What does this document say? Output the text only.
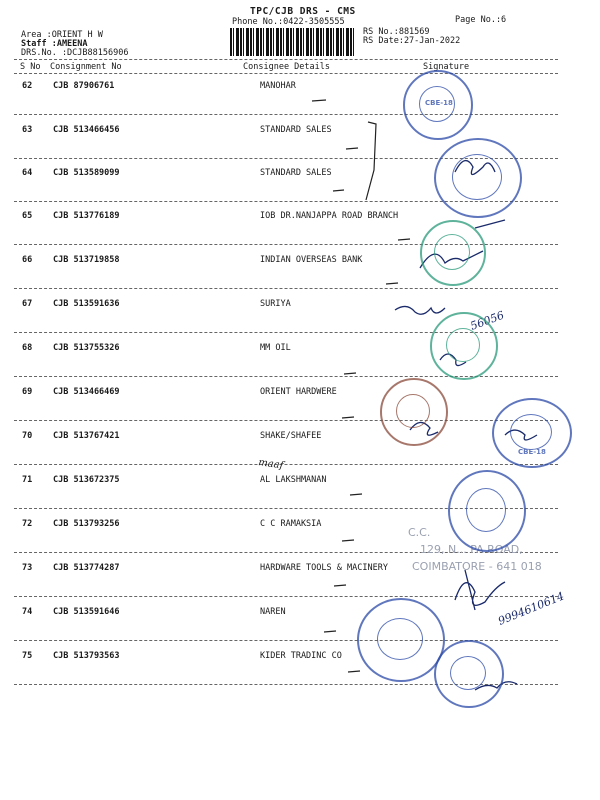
TPC/CJB DRS - CMS
Phone No.:0422-3505555	Page No.:6
Area :ORIENT H W
Staff :AMEENA
DRS.No. :DCJB88156906
RS No.:881569
RS Date:27-Jan-2022
S No Consignment No	Consignee Details	Signature
62 CJB 87906761	MANOHAR
63 CJB 513466456	STANDARD SALES
64 CJB 513589099	STANDARD SALES
65 CJB 513776189	IOB DR.NANJAPPA ROAD BRANCH
66 CJB 513719858	INDIAN OVERSEAS BANK
67 CJB 513591636	SURIYA
68 CJB 513755326	MM OIL
69 CJB 513466469	ORIENT HARDWERE
70 CJB 513767421	SHAKE/SHAFEE
71 CJB 513672375	AL LAKSHMANAN
72 CJB 513793256	C C RAMAKSIA
73 CJB 513774287	HARDWARE TOOLS & MACINERY
74 CJB 513591646	NAREN
75 CJB 513793563	KIDER TRADINC CO
maaf
56056
9994610614
C.C.
129, N... PA ROAD,
COIMBATORE - 641 018
CBE-18
CBE-18
